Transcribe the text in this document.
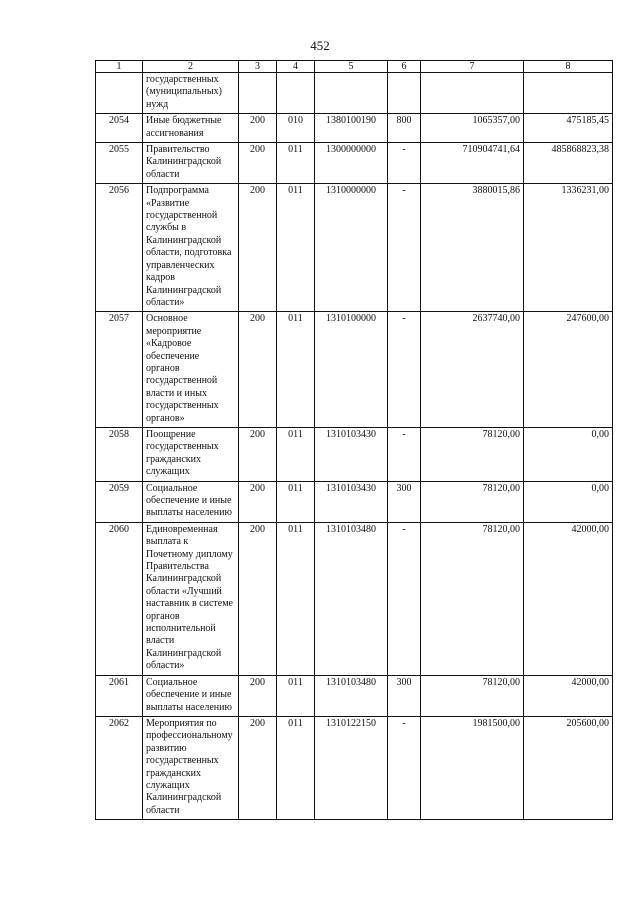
452
1	2	3	4	5	6	7	8
	государственных (муниципальных) нужд						
2054	Иные бюджетные ассигнования	200	010	1380100190	800	1065357,00	475185,45
2055	Правительство Калининградской области	200	011	1300000000	-	710904741,64	485868823,38
2056	Подпрограмма «Развитие государственной службы в Калининградской области, подготовка управленческих кадров Калининградской области»	200	011	1310000000	-	3880015,86	1336231,00
2057	Основное мероприятие «Кадровое обеспечение органов государственной власти и иных государственных органов»	200	011	1310100000	-	2637740,00	247600,00
2058	Поощрение государственных гражданских служащих	200	011	1310103430	-	78120,00	0,00
2059	Социальное обеспечение и иные выплаты населению	200	011	1310103430	300	78120,00	0,00
2060	Единовременная выплата к Почетному диплому Правительства Калининградской области «Лучший наставник в системе органов исполнительной власти Калининградской области»	200	011	1310103480	-	78120,00	42000,00
2061	Социальное обеспечение и иные выплаты населению	200	011	1310103480	300	78120,00	42000,00
2062	Мероприятия по профессиональному развитию государственных гражданских служащих Калининградской области	200	011	1310122150	-	1981500,00	205600,00
